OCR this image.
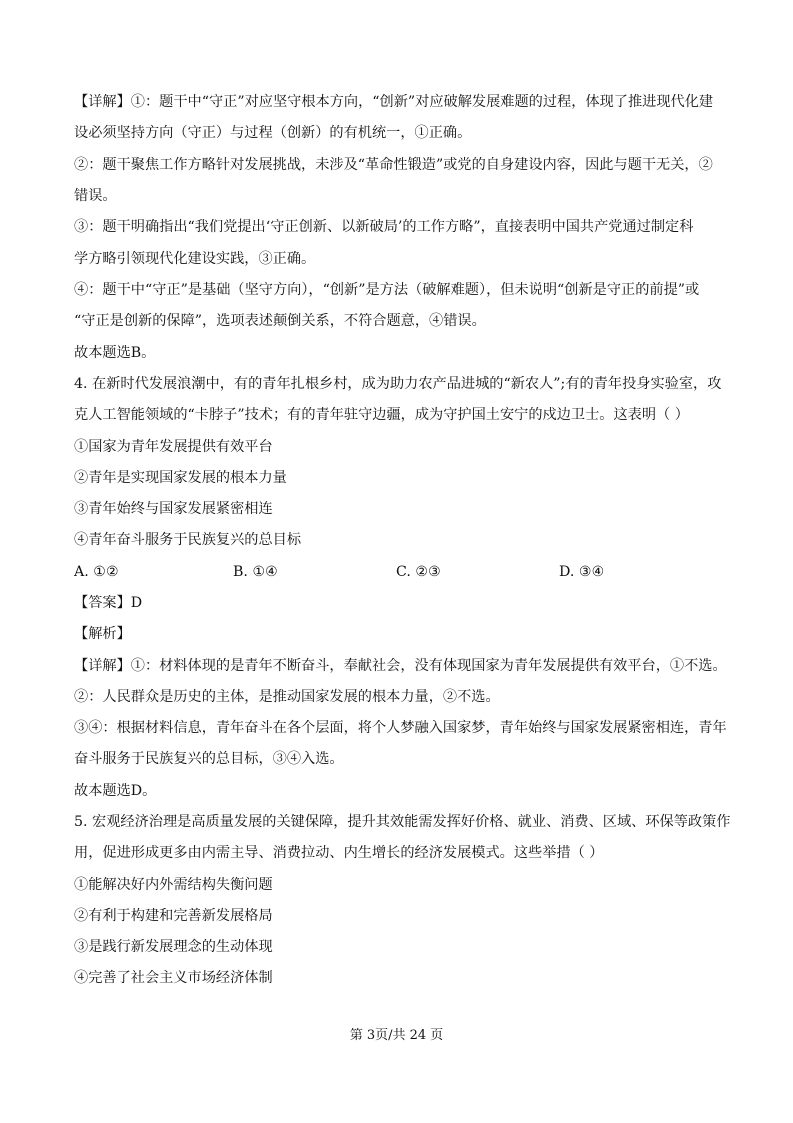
【详解】①：题干中“守正”对应坚守根本方向，“创新”对应破解发展难题的过程，体现了推进现代化建
设必须坚持方向（守正）与过程（创新）的有机统一，①正确。
②：题干聚焦工作方略针对发展挑战，未涉及“革命性锻造”或党的自身建设内容，因此与题干无关，②
错误。
③：题干明确指出“我们党提出‘守正创新、以新破局’的工作方略”，直接表明中国共产党通过制定科
学方略引领现代化建设实践，③正确。
④：题干中“守正”是基础（坚守方向），“创新”是方法（破解难题），但未说明“创新是守正的前提”或
“守正是创新的保障”，选项表述颠倒关系，不符合题意，④错误。
故本题选B。
4. 在新时代发展浪潮中，有的青年扎根乡村，成为助力农产品进城的“新农人”;有的青年投身实验室，攻
克人工智能领域的“卡脖子”技术；有的青年驻守边疆，成为守护国土安宁的戍边卫士。这表明（ ）
①国家为青年发展提供有效平台
②青年是实现国家发展的根本力量
③青年始终与国家发展紧密相连
④青年奋斗服务于民族复兴的总目标
A. ①②	B. ①④	C. ②③	D. ③④
【答案】D
【解析】
【详解】①：材料体现的是青年不断奋斗，奉献社会，没有体现国家为青年发展提供有效平台，①不选。
②：人民群众是历史的主体，是推动国家发展的根本力量，②不选。
③④：根据材料信息，青年奋斗在各个层面，将个人梦融入国家梦，青年始终与国家发展紧密相连，青年
奋斗服务于民族复兴的总目标，③④入选。
故本题选D。
5. 宏观经济治理是高质量发展的关键保障，提升其效能需发挥好价格、就业、消费、区域、环保等政策作
用，促进形成更多由内需主导、消费拉动、内生增长的经济发展模式。这些举措（ ）
①能解决好内外需结构失衡问题
②有利于构建和完善新发展格局
③是践行新发展理念的生动体现
④完善了社会主义市场经济体制
第 3页/共 24 页
